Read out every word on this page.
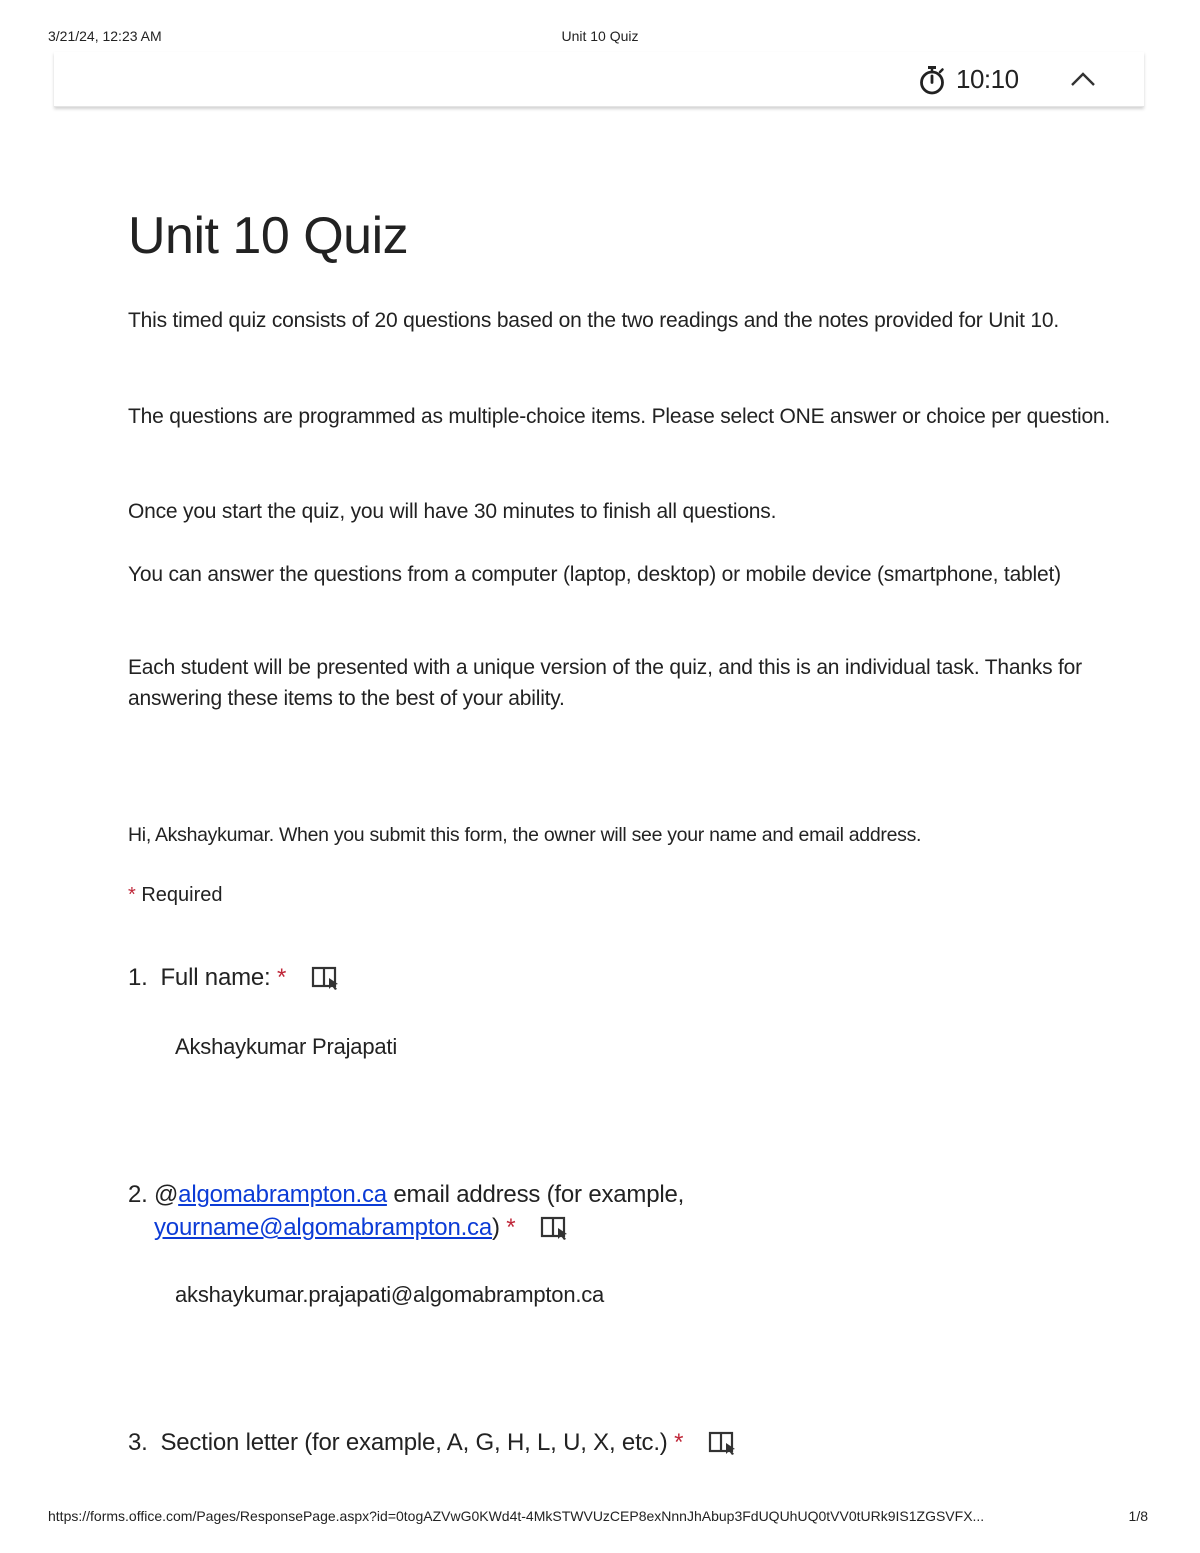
3/21/24, 12:23 AM	Unit 10 Quiz
10:10
Unit 10 Quiz

This timed quiz consists of 20 questions based on the two readings and the notes provided for Unit 10.

The questions are programmed as multiple-choice items. Please select ONE answer or choice per question.

Once you start the quiz, you will have 30 minutes to finish all questions.

You can answer the questions from a computer (laptop, desktop) or mobile device (smartphone, tablet)

Each student will be presented with a unique version of the quiz, and this is an individual task. Thanks for answering these items to the best of your ability.

Hi, Akshaykumar. When you submit this form, the owner will see your name and email address.
* Required
1. Full name: *
Akshaykumar Prajapati
2. @algomabrampton.ca email address (for example,
yourname@algomabrampton.ca) *
akshaykumar.prajapati@algomabrampton.ca
3. Section letter (for example, A, G, H, L, U, X, etc.) *
https://forms.office.com/Pages/ResponsePage.aspx?id=0togAZVwG0KWd4t-4MkSTWVUzCEP8exNnnJhAbup3FdUQUhUQ0tVV0tURk9IS1ZGSVFX...	1/8
